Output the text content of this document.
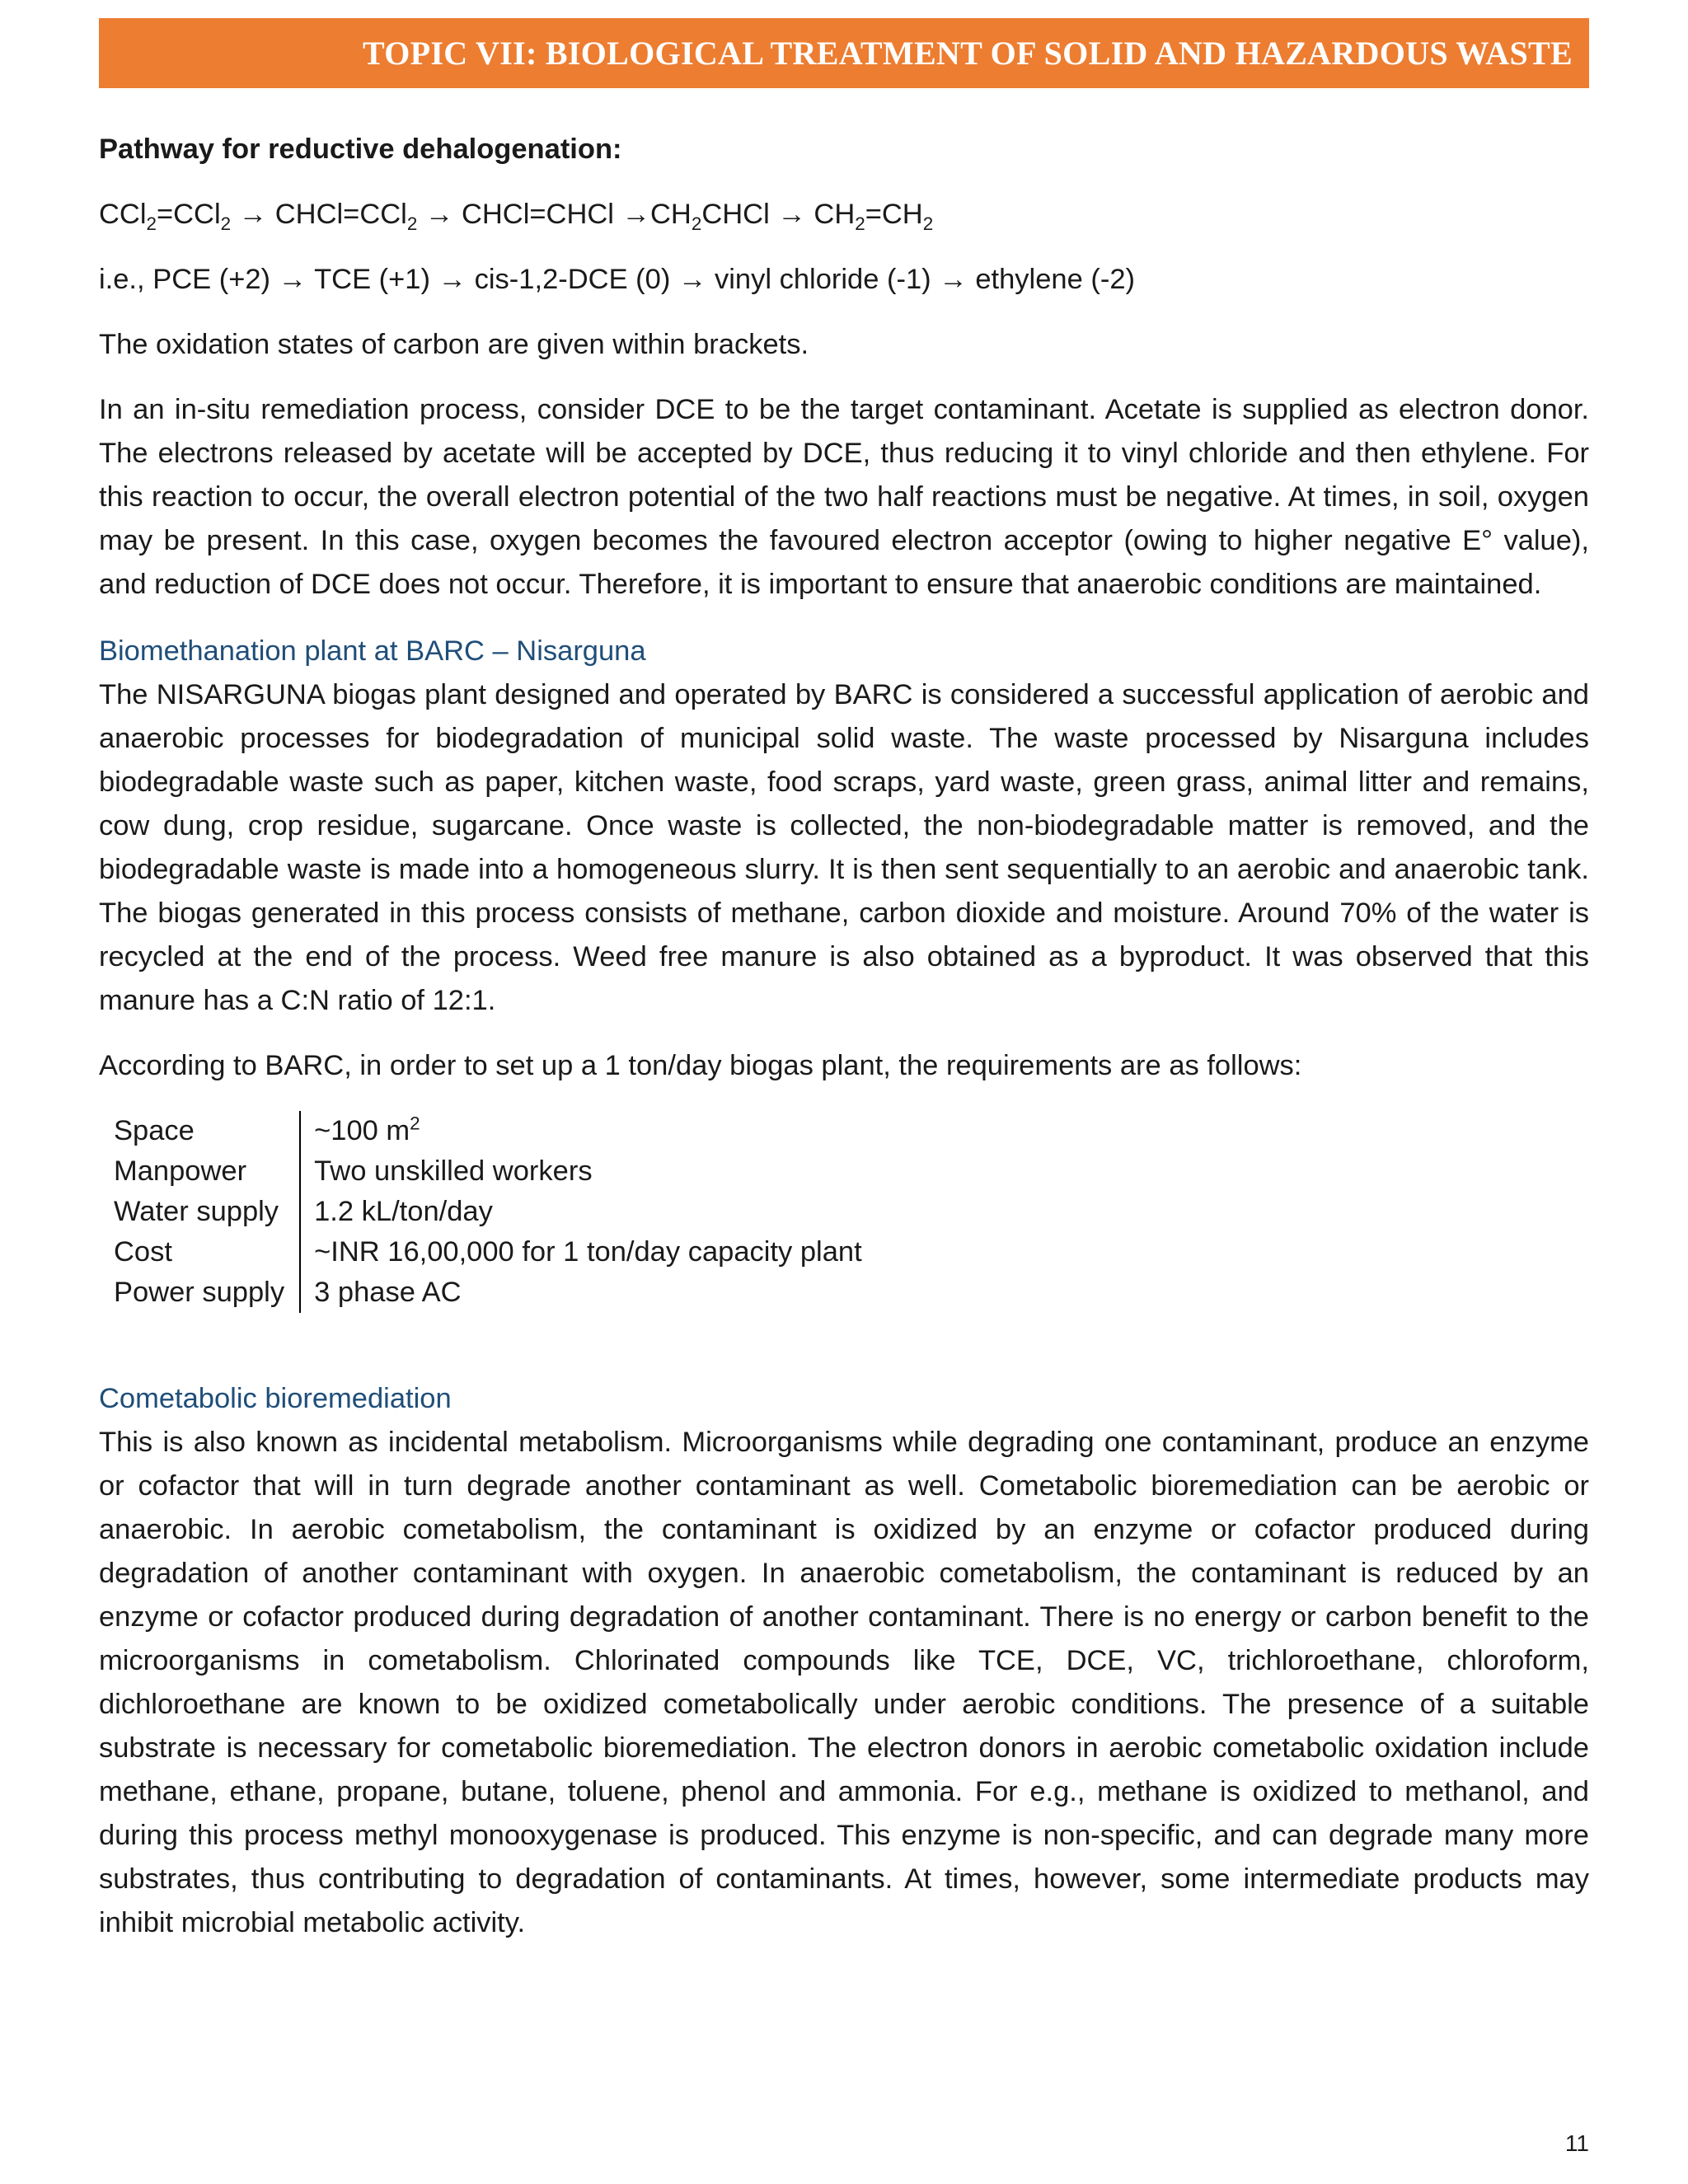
TOPIC VII: BIOLOGICAL TREATMENT OF SOLID AND HAZARDOUS WASTE

Pathway for reductive dehalogenation:

CCl$_2$=CCl$_2$ → CHCl=CCl$_2$ → CHCl=CHCl $\to CH_2CHCl \to CH_2=CH_2$

i.e., PCE (+2) → TCE (+1) → cis-1,2-DCE (0) → vinyl chloride (-1) → ethylene (-2)

The oxidation states of carbon are given within brackets.

In an in-situ remediation process, consider DCE to be the target contaminant. Acetate is supplied as electron donor. The electrons released by acetate will be accepted by DCE, thus reducing it to vinyl chloride and then ethylene. For this reaction to occur, the overall electron potential of the two half reactions must be negative. At times, in soil, oxygen may be present. In this case, oxygen becomes the favoured electron acceptor (owing to higher negative E° value), and reduction of DCE does not occur. Therefore, it is important to ensure that anaerobic conditions are maintained.

Biomethanation plant at BARC – Nisarguna

The NISARGUNA biogas plant designed and operated by BARC is considered a successful application of aerobic and anaerobic processes for biodegradation of municipal solid waste. The waste processed by Nisarguna includes biodegradable waste such as paper, kitchen waste, food scraps, yard waste, green grass, animal litter and remains, cow dung, crop residue, sugarcane. Once waste is collected, the non-biodegradable matter is removed, and the biodegradable waste is made into a homogeneous slurry. It is then sent sequentially to an aerobic and anaerobic tank. The biogas generated in this process consists of methane, carbon dioxide and moisture. Around 70% of the water is recycled at the end of the process. Weed free manure is also obtained as a byproduct. It was observed that this manure has a C:N ratio of 12:1.

According to BARC, in order to set up a 1 ton/day biogas plant, the requirements are as follows:

Space	~100 $m^2$
Manpower	Two unskilled workers
Water supply	1.2 kL/ton/day
Cost	~INR 16,00,000 for 1 ton/day capacity plant
Power supply	3 phase AC
Cometabolic bioremediation

This is also known as incidental metabolism. Microorganisms while degrading one contaminant, produce an enzyme or cofactor that will in turn degrade another contaminant as well. Cometabolic bioremediation can be aerobic or anaerobic. In aerobic cometabolism, the contaminant is oxidized by an enzyme or cofactor produced during degradation of another contaminant with oxygen. In anaerobic cometabolism, the contaminant is reduced by an enzyme or cofactor produced during degradation of another contaminant. There is no energy or carbon benefit to the microorganisms in cometabolism. Chlorinated compounds like TCE, DCE, VC, trichloroethane, chloroform, dichloroethane are known to be oxidized cometabolically under aerobic conditions. The presence of a suitable substrate is necessary for cometabolic bioremediation. The electron donors in aerobic cometabolic oxidation include methane, ethane, propane, butane, toluene, phenol and ammonia. For e.g., methane is oxidized to methanol, and during this process methyl monooxygenase is produced. This enzyme is non-specific, and can degrade many more substrates, thus contributing to degradation of contaminants. At times, however, some intermediate products may inhibit microbial metabolic activity.

11
